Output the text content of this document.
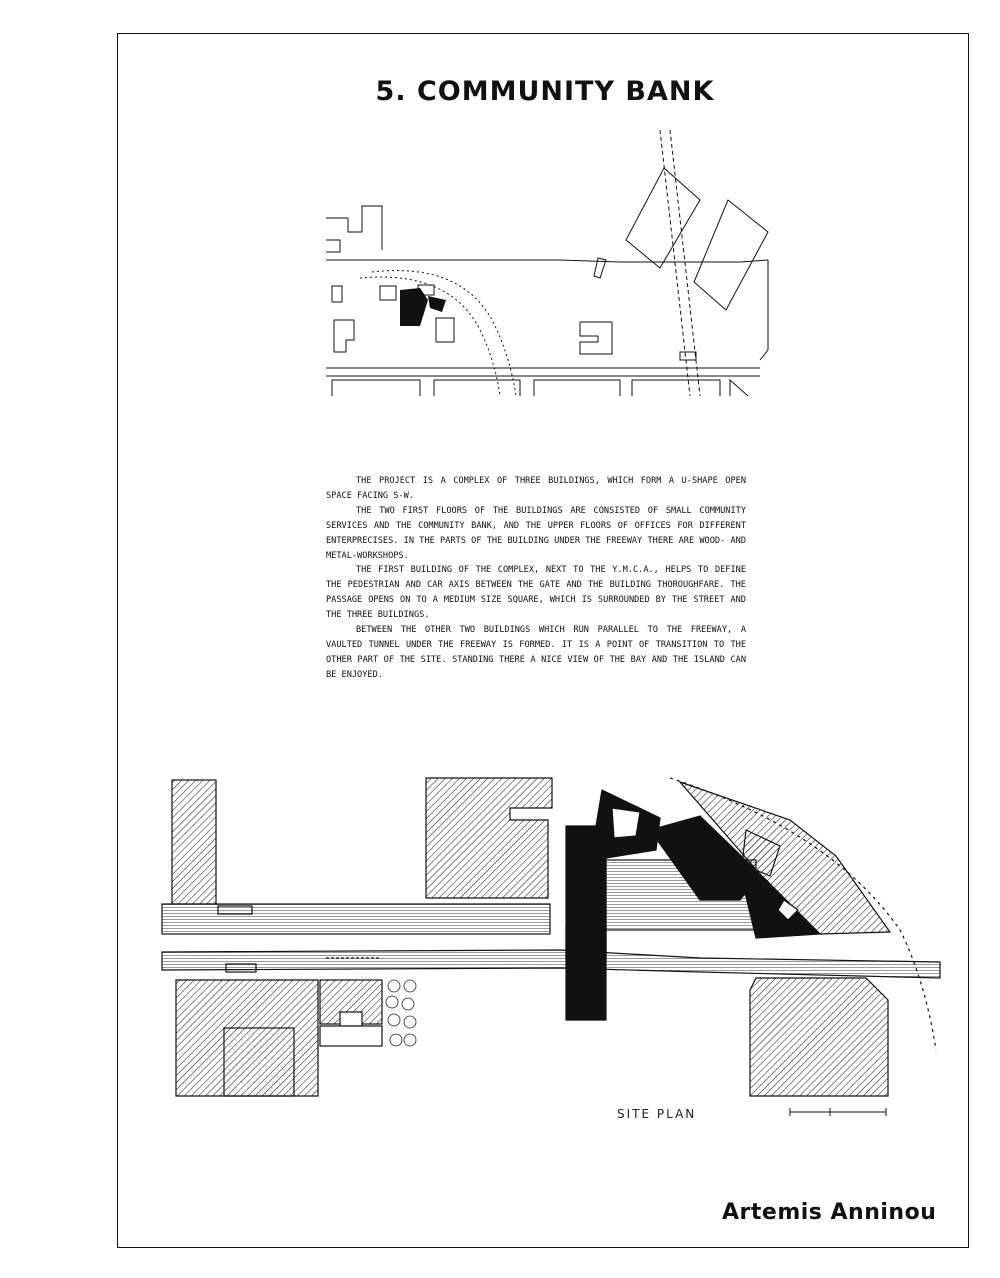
5. COMMUNITY BANK

THE PROJECT IS A COMPLEX OF THREE BUILDINGS, WHICH FORM A U-SHAPE OPEN SPACE FACING S-W.

THE TWO FIRST FLOORS OF THE BUILDINGS ARE CONSISTED OF SMALL COMMUNITY SERVICES AND THE COMMUNITY BANK, AND THE UPPER FLOORS OF OFFICES FOR DIFFERENT ENTERPRECISES. IN THE PARTS OF THE BUILDING UNDER THE FREEWAY THERE ARE WOOD- AND METAL-WORKSHOPS.

THE FIRST BUILDING OF THE COMPLEX, NEXT TO THE Y.M.C.A., HELPS TO DEFINE THE PEDESTRIAN AND CAR AXIS BETWEEN THE GATE AND THE BUILDING THOROUGHFARE. THE PASSAGE OPENS ON TO A MEDIUM SIZE SQUARE, WHICH IS SURROUNDED BY THE STREET AND THE THREE BUILDINGS.

BETWEEN THE OTHER TWO BUILDINGS WHICH RUN PARALLEL TO THE FREEWAY, A VAULTED TUNNEL UNDER THE FREEWAY IS FORMED. IT IS A POINT OF TRANSITION TO THE OTHER PART OF THE SITE. STANDING THERE A NICE VIEW OF THE BAY AND THE ISLAND CAN BE ENJOYED.

SITE PLAN
Artemis Anninou
